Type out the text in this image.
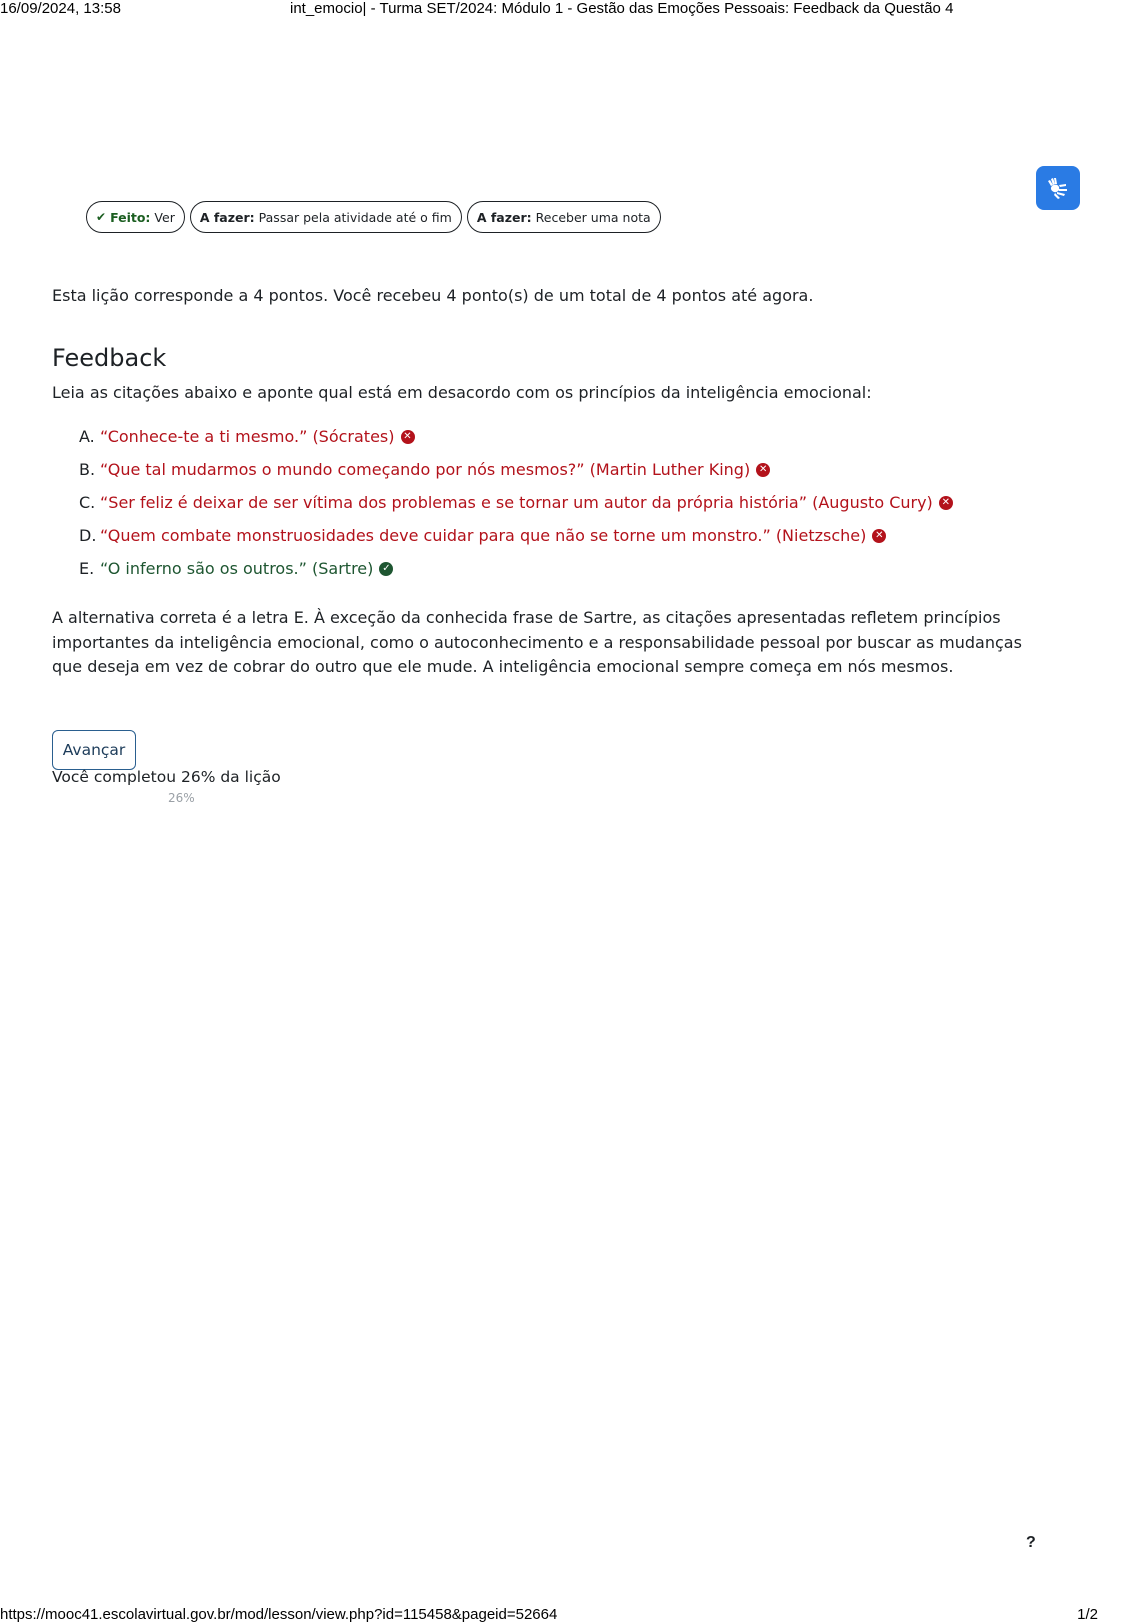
16/09/2024, 13:58	int_emocio| - Turma SET/2024: Módulo 1 - Gestão das Emoções Pessoais: Feedback da Questão 4
✔ Feito: Ver A fazer: Passar pela atividade até o fim A fazer: Receber uma nota
Esta lição corresponde a 4 pontos. Você recebeu 4 ponto(s) de um total de 4 pontos até agora.
Feedback
Leia as citações abaixo e aponte qual está em desacordo com os princípios da inteligência emocional:
A. “Conhece-te a ti mesmo.” (Sócrates) ✕
B. “Que tal mudarmos o mundo começando por nós mesmos?” (Martin Luther King) ✕
C. “Ser feliz é deixar de ser vítima dos problemas e se tornar um autor da própria história” (Augusto Cury) ✕
D. “Quem combate monstruosidades deve cuidar para que não se torne um monstro.” (Nietzsche) ✕
E. “O inferno são os outros.” (Sartre) ✓

A alternativa correta é a letra E. À exceção da conhecida frase de Sartre, as citações apresentadas refletem princípios importantes da inteligência emocional, como o autoconhecimento e a responsabilidade pessoal por buscar as mudanças que deseja em vez de cobrar do outro que ele mude. A inteligência emocional sempre começa em nós mesmos.

Avançar
Você completou 26% da lição
26%
?
https://mooc41.escolavirtual.gov.br/mod/lesson/view.php?id=115458&pageid=52664	1/2
